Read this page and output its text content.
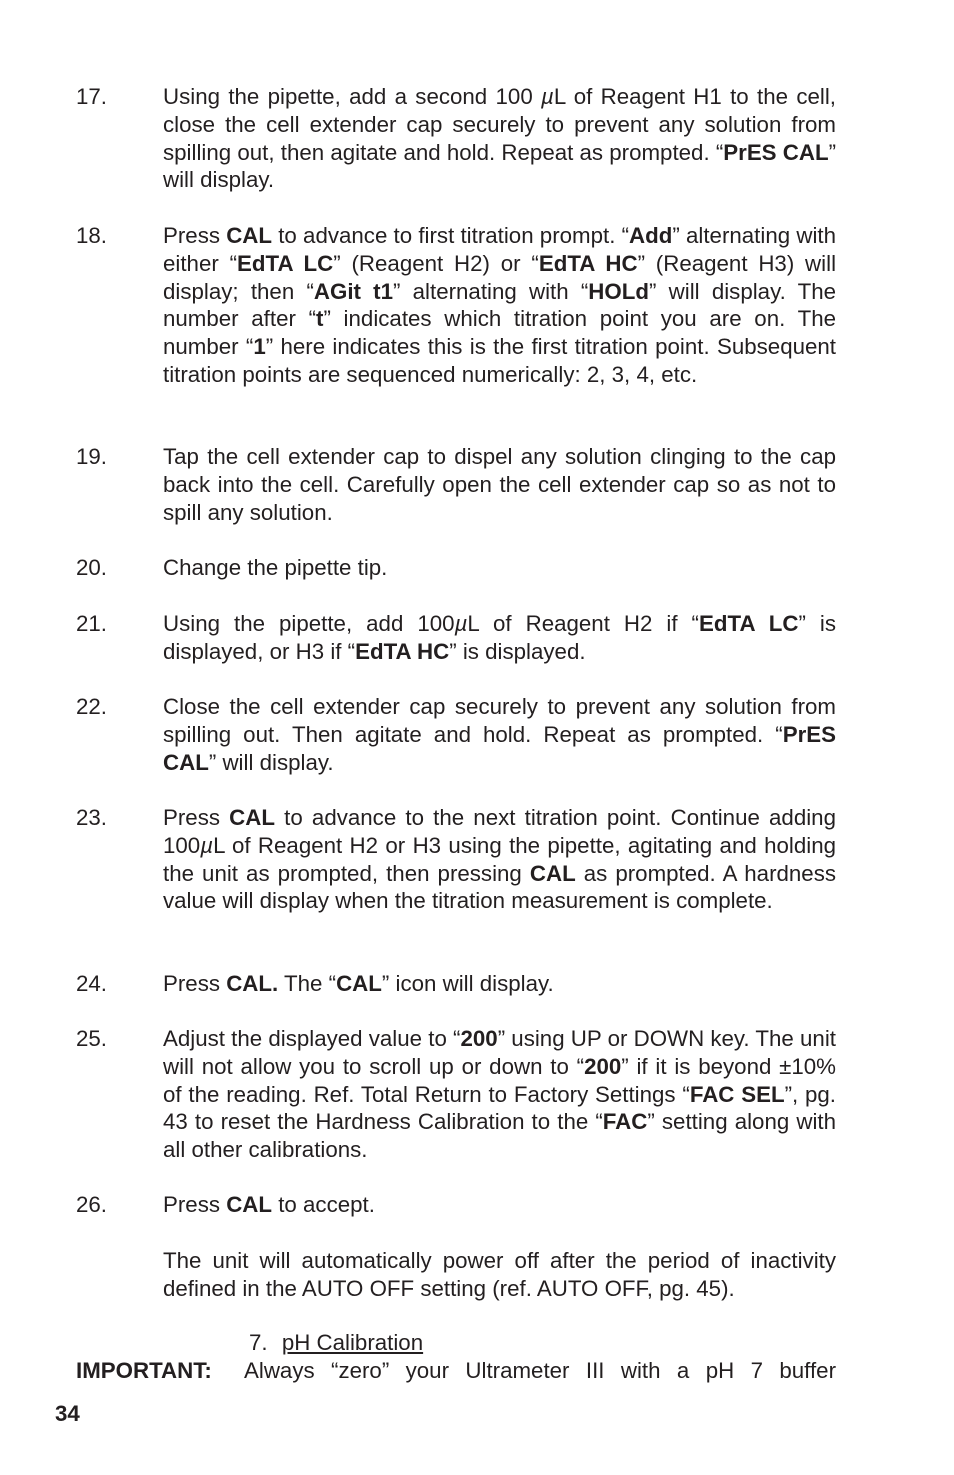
17.	Using the pipette, add a second 100 µL of Reagent H1 to the cell, close the cell extender cap securely to prevent any solution from spilling out, then agitate and hold. Repeat as prompted. “PrES CAL” will display.
18.	Press CAL to advance to first titration prompt. “Add” alternating with either “EdTA LC” (Reagent H2) or “EdTA HC” (Reagent H3) will display; then “AGit t1” alternating with “HOLd” will display. The number after “t” indicates which titration point you are on. The number “1” here indicates this is the first titration point. Subsequent titration points are sequenced numerically: 2, 3, 4, etc.
19.	Tap the cell extender cap to dispel any solution clinging to the cap back into the cell. Carefully open the cell extender cap so as not to spill any solution.
20.	Change the pipette tip.
21.	Using the pipette, add 100µL of Reagent H2 if “EdTA LC” is displayed, or H3 if “EdTA HC” is displayed.
22.	Close the cell extender cap securely to prevent any solution from spilling out. Then agitate and hold. Repeat as prompted. “PrES CAL” will display.
23.	Press CAL to advance to the next titration point. Continue adding 100µL of Reagent H2 or H3 using the pipette, agitating and holding the unit as prompted, then pressing CAL as prompted. A hardness value will display when the titration measurement is complete.
24.	Press CAL. The “CAL” icon will display.
25.	Adjust the displayed value to “200” using UP or DOWN key. The unit will not allow you to scroll up or down to “200” if it is beyond ±10% of the reading. Ref. Total Return to Factory Settings “FAC SEL”, pg. 43 to reset the Hardness Calibration to the “FAC” setting along with all other calibrations.
26.	Press CAL to accept.
The unit will automatically power off after the period of inactivity defined in the AUTO OFF setting (ref. AUTO OFF, pg. 45).
7. pH Calibration
IMPORTANT: Always “zero” your Ultrameter III with a pH 7 buffer
34
